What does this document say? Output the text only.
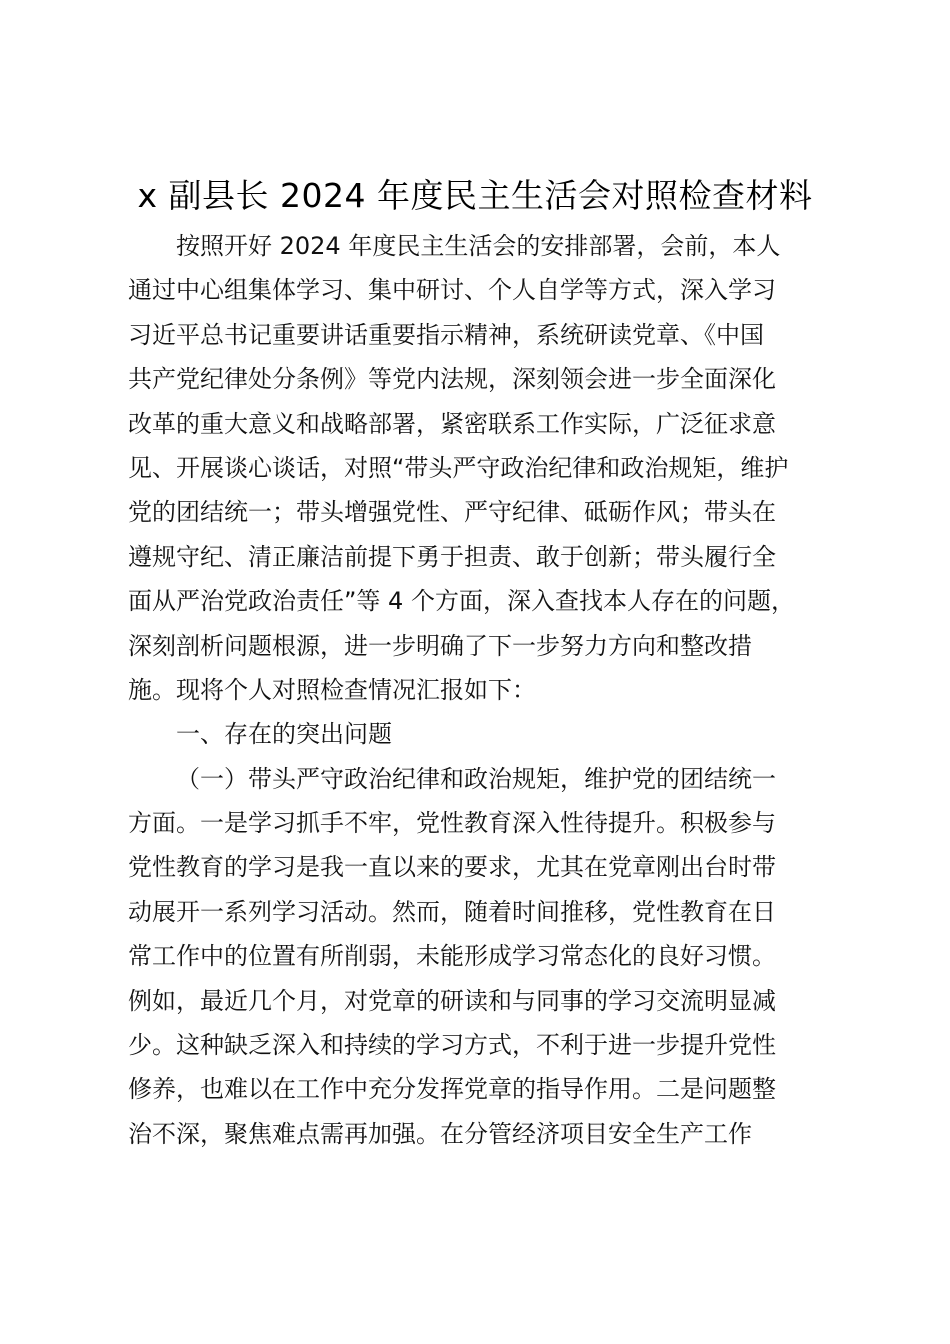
x 副县长 2024 年度民主生活会对照检查材料
按照开好 2024 年度民主生活会的安排部署，会前，本人
通过中心组集体学习、集中研讨、个人自学等方式，深入学习
习近平总书记重要讲话重要指示精神，系统研读党章、《中国
共产党纪律处分条例》等党内法规，深刻领会进一步全面深化
改革的重大意义和战略部署，紧密联系工作实际，广泛征求意
见、开展谈心谈话，对照“带头严守政治纪律和政治规矩，维护
党的团结统一；带头增强党性、严守纪律、砥砺作风；带头在
遵规守纪、清正廉洁前提下勇于担责、敢于创新；带头履行全
面从严治党政治责任”等 4 个方面，深入查找本人存在的问题，
深刻剖析问题根源，进一步明确了下一步努力方向和整改措
施。现将个人对照检查情况汇报如下：
一、存在的突出问题
（一）带头严守政治纪律和政治规矩，维护党的团结统一
方面。一是学习抓手不牢，党性教育深入性待提升。积极参与
党性教育的学习是我一直以来的要求，尤其在党章刚出台时带
动展开一系列学习活动。然而，随着时间推移，党性教育在日
常工作中的位置有所削弱，未能形成学习常态化的良好习惯。
例如，最近几个月，对党章的研读和与同事的学习交流明显减
少。这种缺乏深入和持续的学习方式，不利于进一步提升党性
修养，也难以在工作中充分发挥党章的指导作用。二是问题整
治不深，聚焦难点需再加强。在分管经济项目安全生产工作
